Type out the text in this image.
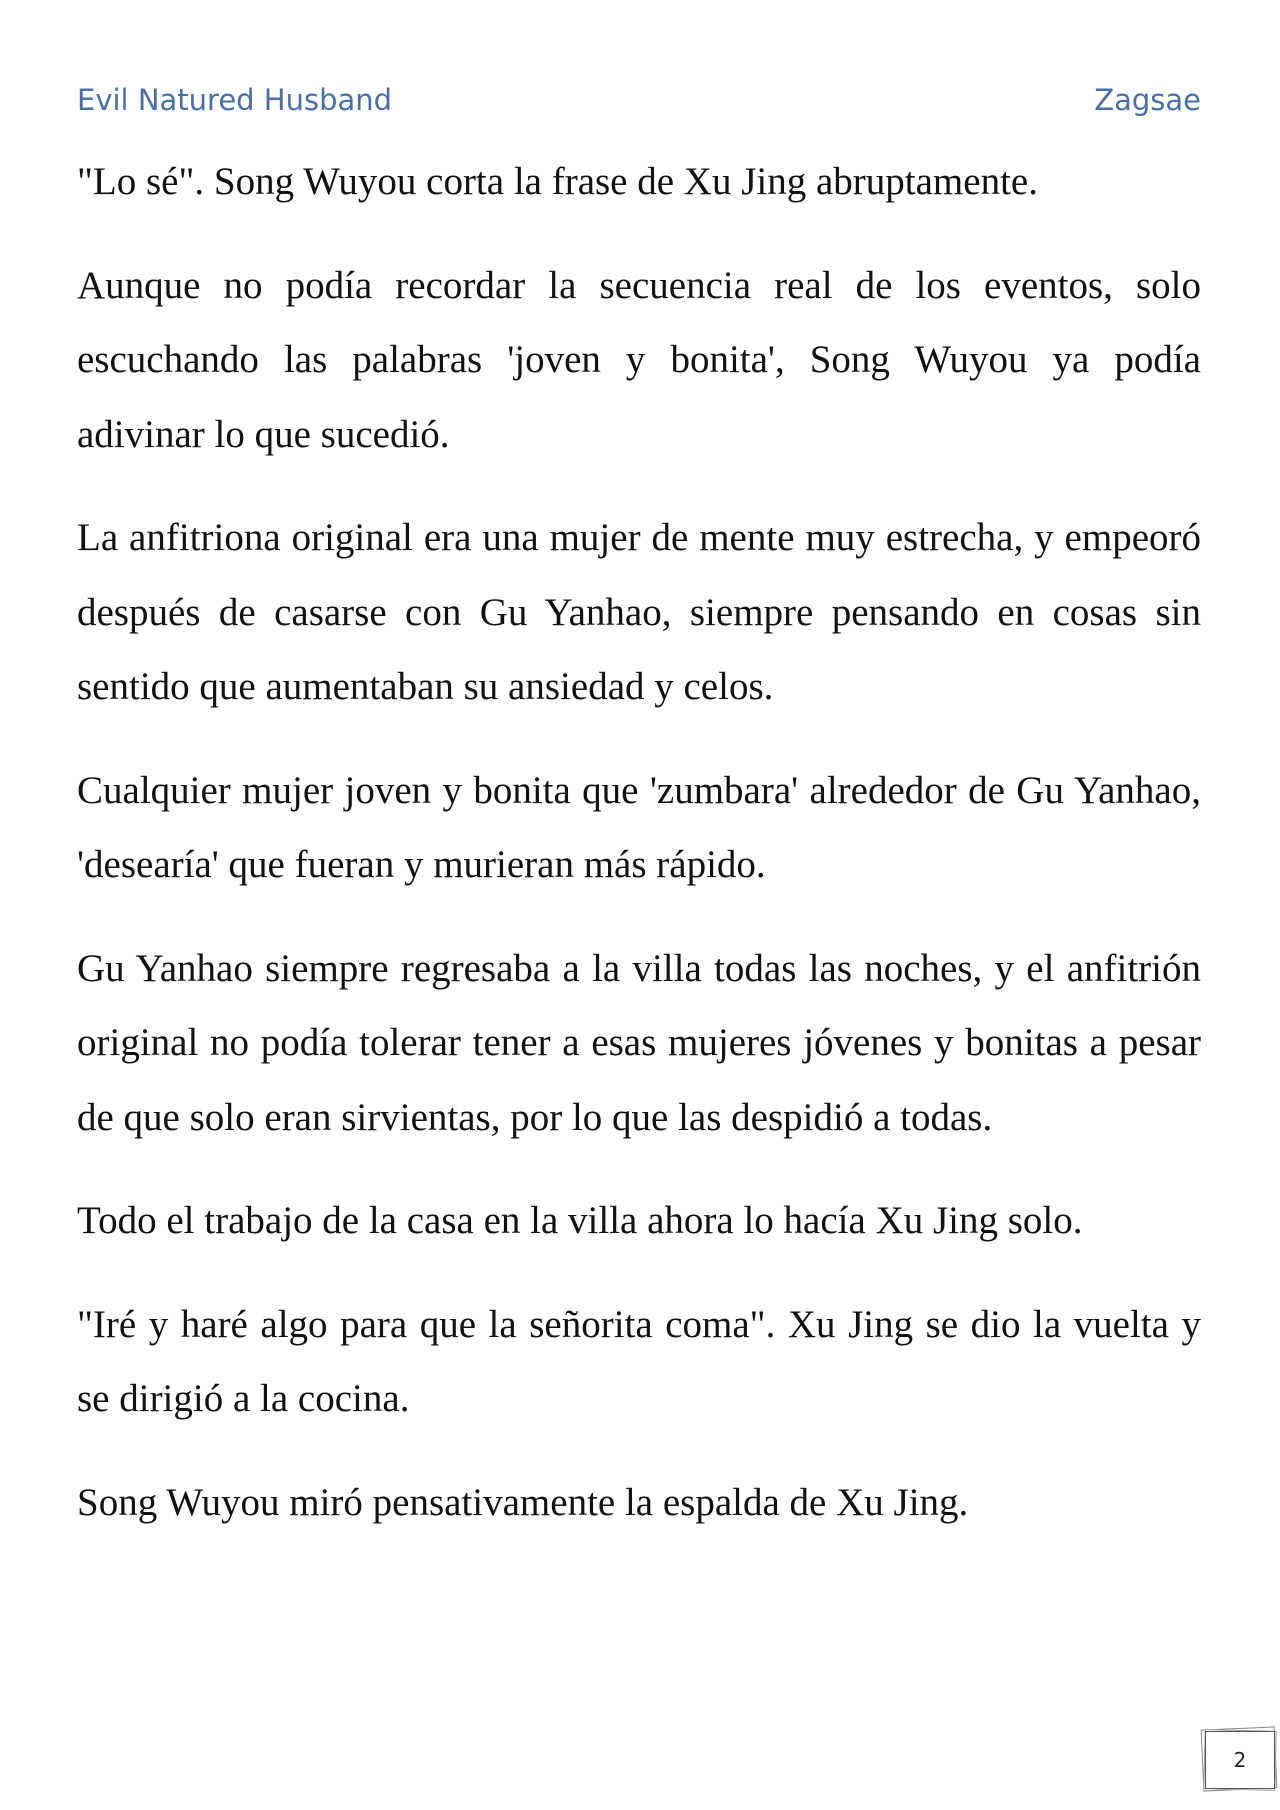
Evil Natured Husband	Zagsae

"Lo sé". Song Wuyou corta la frase de Xu Jing abruptamente.

Aunque no podía recordar la secuencia real de los eventos, solo escuchando las palabras 'joven y bonita', Song Wuyou ya podía adivinar lo que sucedió.

La anfitriona original era una mujer de mente muy estrecha, y empeoró después de casarse con Gu Yanhao, siempre pensando en cosas sin sentido que aumentaban su ansiedad y celos.

Cualquier mujer joven y bonita que 'zumbara' alrededor de Gu Yanhao, 'desearía' que fueran y murieran más rápido.

Gu Yanhao siempre regresaba a la villa todas las noches, y el anfitrión original no podía tolerar tener a esas mujeres jóvenes y bonitas a pesar de que solo eran sirvientas, por lo que las despidió a todas.

Todo el trabajo de la casa en la villa ahora lo hacía Xu Jing solo.

"Iré y haré algo para que la señorita coma". Xu Jing se dio la vuelta y se dirigió a la cocina.

Song Wuyou miró pensativamente la espalda de Xu Jing.

2
